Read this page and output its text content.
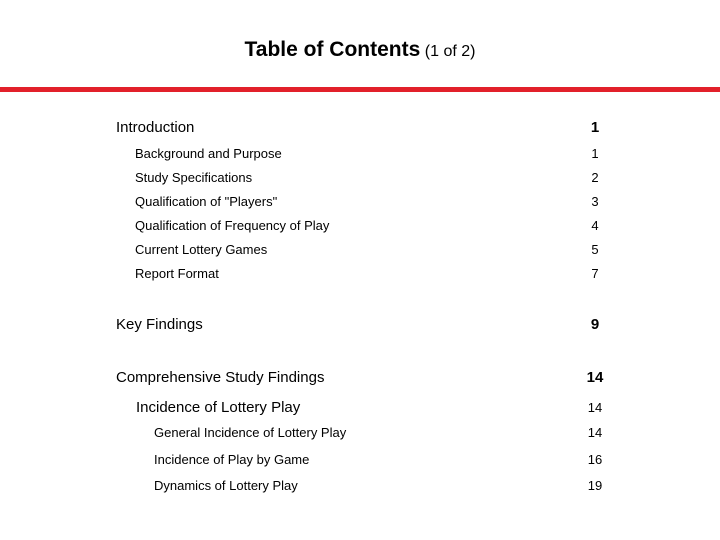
Table of Contents (1 of 2)
Introduction	1
Background and Purpose	1
Study Specifications	2
Qualification of "Players"	3
Qualification of Frequency of Play	4
Current Lottery Games	5
Report Format	7
Key Findings	9
Comprehensive Study Findings	14
Incidence of Lottery Play	14
General Incidence of Lottery Play	14
Incidence of Play by Game	16
Dynamics of Lottery Play	19
